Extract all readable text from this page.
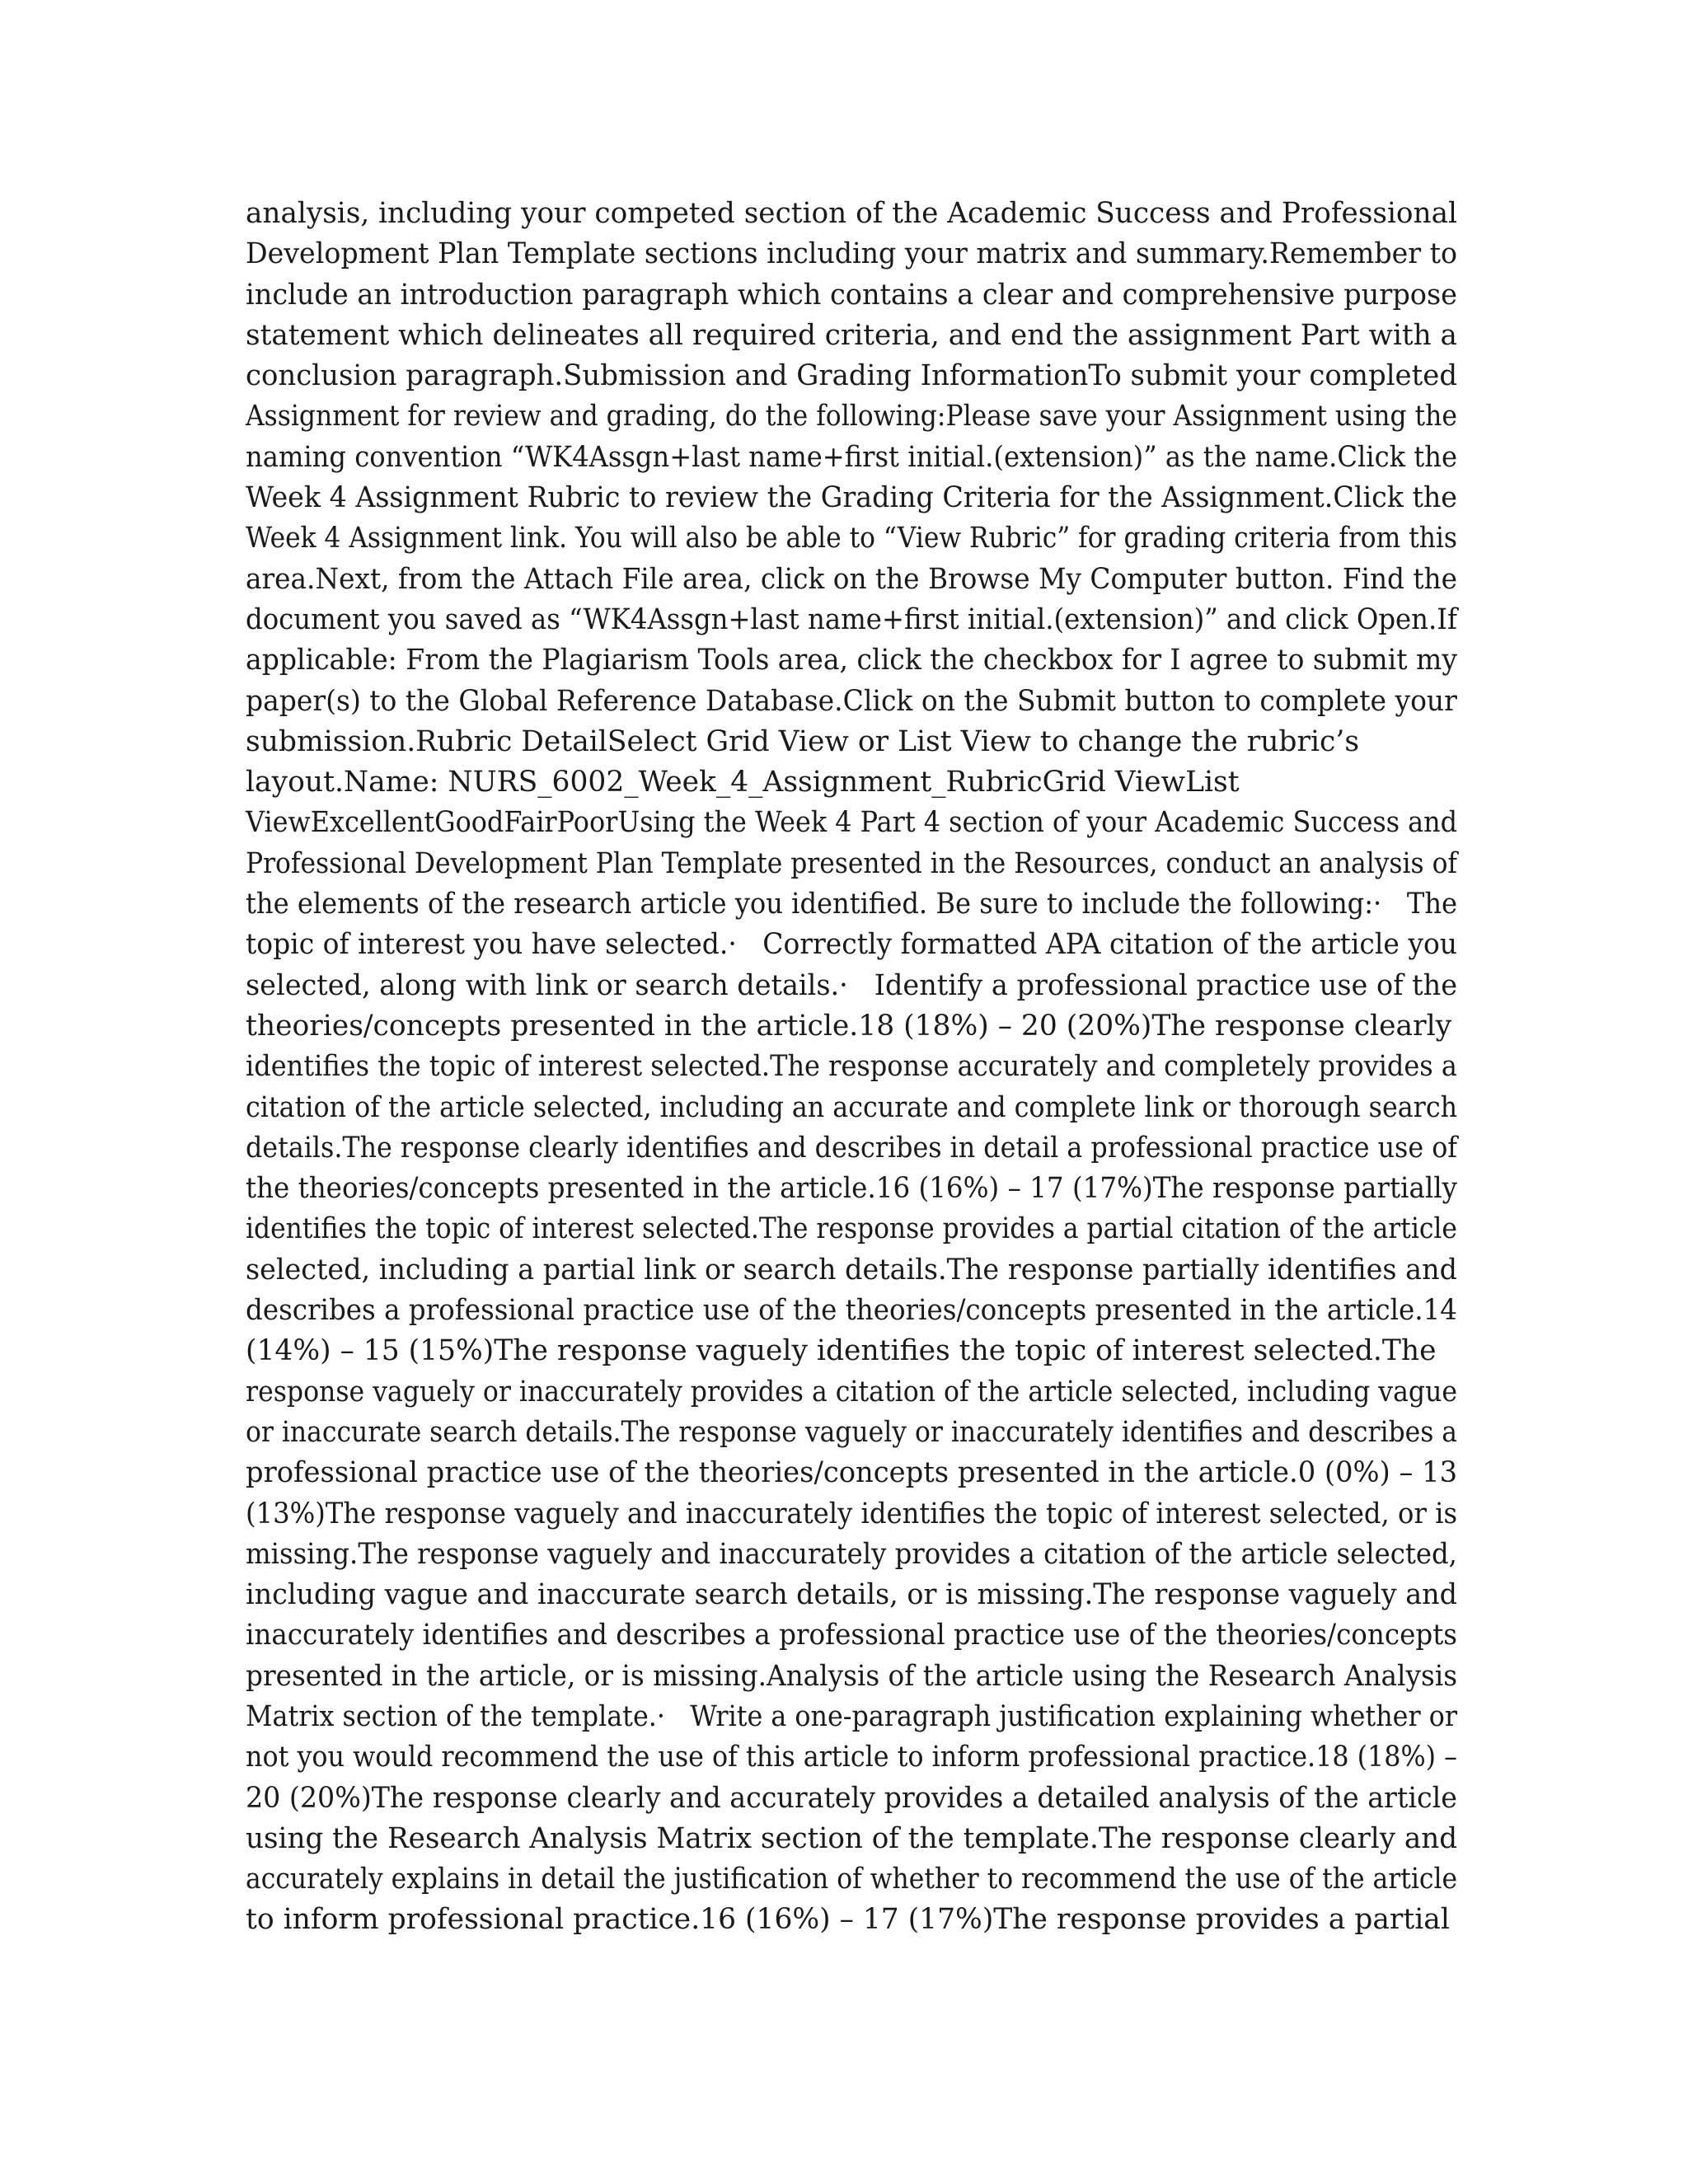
analysis, including your competed section of the Academic Success and Professional
Development Plan Template sections including your matrix and summary.Remember to
include an introduction paragraph which contains a clear and comprehensive purpose
statement which delineates all required criteria, and end the assignment Part with a
conclusion paragraph.Submission and Grading InformationTo submit your completed
Assignment for review and grading, do the following:Please save your Assignment using the
naming convention “WK4Assgn+last name+first initial.(extension)” as the name.Click the
Week 4 Assignment Rubric to review the Grading Criteria for the Assignment.Click the
Week 4 Assignment link. You will also be able to “View Rubric” for grading criteria from this
area.Next, from the Attach File area, click on the Browse My Computer button. Find the
document you saved as “WK4Assgn+last name+first initial.(extension)” and click Open.If
applicable: From the Plagiarism Tools area, click the checkbox for I agree to submit my
paper(s) to the Global Reference Database.Click on the Submit button to complete your
submission.Rubric DetailSelect Grid View or List View to change the rubric’s
layout.Name: NURS_6002_Week_4_Assignment_RubricGrid ViewList
ViewExcellentGoodFairPoorUsing the Week 4 Part 4 section of your Academic Success and
Professional Development Plan Template presented in the Resources, conduct an analysis of
the elements of the research article you identified. Be sure to include the following:·   The
topic of interest you have selected.·   Correctly formatted APA citation of the article you
selected, along with link or search details.·   Identify a professional practice use of the
theories/concepts presented in the article.18 (18%) – 20 (20%)The response clearly
identifies the topic of interest selected.The response accurately and completely provides a
citation of the article selected, including an accurate and complete link or thorough search
details.The response clearly identifies and describes in detail a professional practice use of
the theories/concepts presented in the article.16 (16%) – 17 (17%)The response partially
identifies the topic of interest selected.The response provides a partial citation of the article
selected, including a partial link or search details.The response partially identifies and
describes a professional practice use of the theories/concepts presented in the article.14
(14%) – 15 (15%)The response vaguely identifies the topic of interest selected.The
response vaguely or inaccurately provides a citation of the article selected, including vague
or inaccurate search details.The response vaguely or inaccurately identifies and describes a
professional practice use of the theories/concepts presented in the article.0 (0%) – 13
(13%)The response vaguely and inaccurately identifies the topic of interest selected, or is
missing.The response vaguely and inaccurately provides a citation of the article selected,
including vague and inaccurate search details, or is missing.The response vaguely and
inaccurately identifies and describes a professional practice use of the theories/concepts
presented in the article, or is missing.Analysis of the article using the Research Analysis
Matrix section of the template.·   Write a one-paragraph justification explaining whether or
not you would recommend the use of this article to inform professional practice.18 (18%) –
20 (20%)The response clearly and accurately provides a detailed analysis of the article
using the Research Analysis Matrix section of the template.The response clearly and
accurately explains in detail the justification of whether to recommend the use of the article
to inform professional practice.16 (16%) – 17 (17%)The response provides a partial
